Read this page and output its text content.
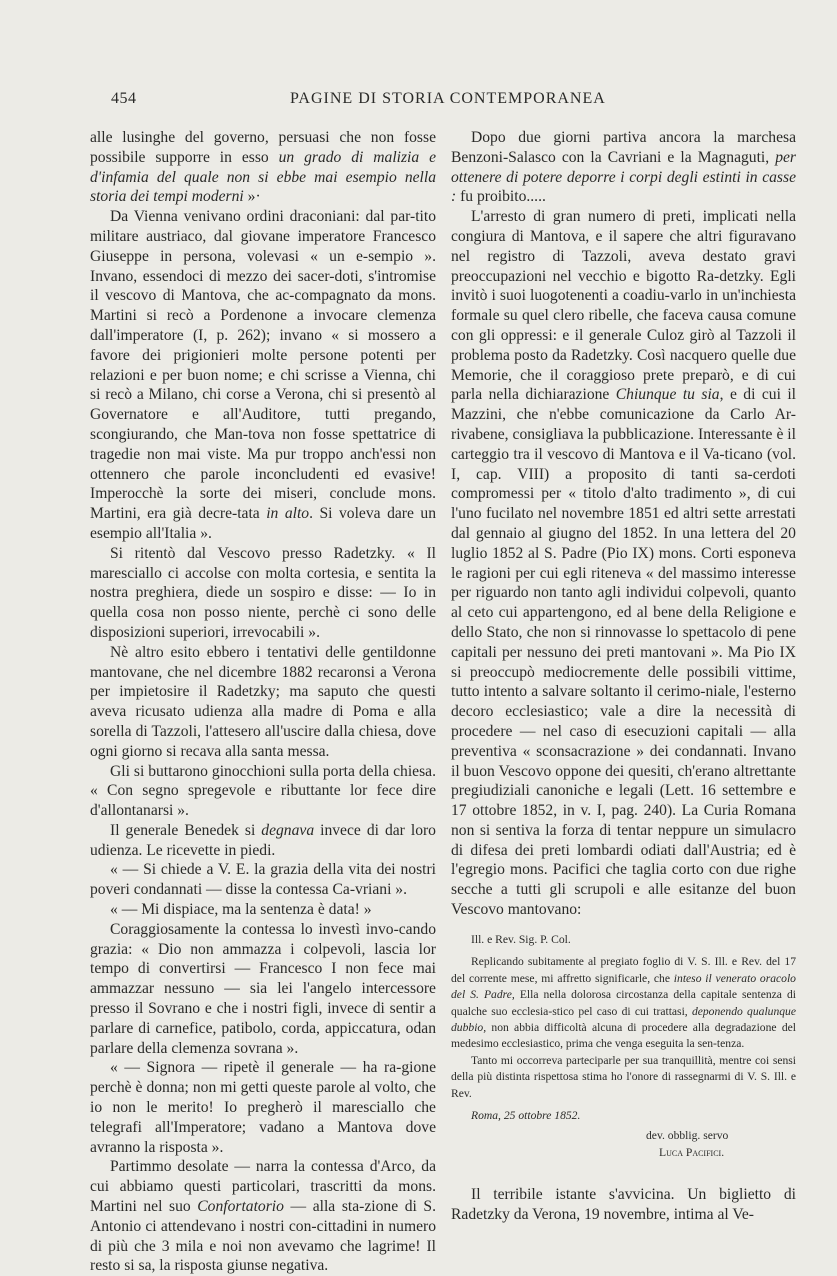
454	PAGINE DI STORIA CONTEMPORANEA

alle lusinghe del governo, persuasi che non fosse possibile supporre in esso un grado di malizia e d'infamia del quale non si ebbe mai esempio nella storia dei tempi moderni »·

Da Vienna venivano ordini draconiani: dal par-tito militare austriaco, dal giovane imperatore Francesco Giuseppe in persona, volevasi « un e-sempio ». Invano, essendoci di mezzo dei sacer-doti, s'intromise il vescovo di Mantova, che ac-compagnato da mons. Martini si recò a Pordenone a invocare clemenza dall'imperatore (I, p. 262); invano « si mossero a favore dei prigionieri molte persone potenti per relazioni e per buon nome; e chi scrisse a Vienna, chi si recò a Milano, chi corse a Verona, chi si presentò al Governatore e all'Auditore, tutti pregando, scongiurando, che Man-tova non fosse spettatrice di tragedie non mai viste. Ma pur troppo anch'essi non ottennero che parole inconcludenti ed evasive! Imperocchè la sorte dei miseri, conclude mons. Martini, era già decre-tata in alto. Si voleva dare un esempio all'Italia ».

Si ritentò dal Vescovo presso Radetzky. « Il maresciallo ci accolse con molta cortesia, e sentita la nostra preghiera, diede un sospiro e disse: — Io in quella cosa non posso niente, perchè ci sono delle disposizioni superiori, irrevocabili ».

Nè altro esito ebbero i tentativi delle gentildonne mantovane, che nel dicembre 1882 recaronsi a Verona per impietosire il Radetzky; ma saputo che questi aveva ricusato udienza alla madre di Poma e alla sorella di Tazzoli, l'attesero all'uscire dalla chiesa, dove ogni giorno si recava alla santa messa.

Gli si buttarono ginocchioni sulla porta della chiesa. « Con segno spregevole e ributtante lor fece dire d'allontanarsi ».

Il generale Benedek si degnava invece di dar loro udienza. Le ricevette in piedi.

« — Si chiede a V. E. la grazia della vita dei nostri poveri condannati — disse la contessa Ca-vriani ».

« — Mi dispiace, ma la sentenza è data! »

Coraggiosamente la contessa lo investì invo-cando grazia: « Dio non ammazza i colpevoli, lascia lor tempo di convertirsi — Francesco I non fece mai ammazzar nessuno — sia lei l'angelo intercessore presso il Sovrano e che i nostri figli, invece di sentir a parlare di carnefice, patibolo, corda, appiccatura, odan parlare della clemenza sovrana ».

« — Signora — ripetè il generale — ha ra-gione perchè è donna; non mi getti queste parole al volto, che io non le merito! Io pregherò il maresciallo che telegrafi all'Imperatore; vadano a Mantova dove avranno la risposta ».

Partimmo desolate — narra la contessa d'Arco, da cui abbiamo questi particolari, trascritti da mons. Martini nel suo Confortatorio — alla sta-zione di S. Antonio ci attendevano i nostri con-cittadini in numero di più che 3 mila e noi non avevamo che lagrime! Il resto si sa, la risposta giunse negativa.

Dopo due giorni partiva ancora la marchesa Benzoni-Salasco con la Cavriani e la Magnaguti, per ottenere di potere deporre i corpi degli estinti in casse : fu proibito.....

L'arresto di gran numero di preti, implicati nella congiura di Mantova, e il sapere che altri figuravano nel registro di Tazzoli, aveva destato gravi preoccupazioni nel vecchio e bigotto Ra-detzky. Egli invitò i suoi luogotenenti a coadiu-varlo in un'inchiesta formale su quel clero ribelle, che faceva causa comune con gli oppressi: e il generale Culoz girò al Tazzoli il problema posto da Radetzky. Così nacquero quelle due Memorie, che il coraggioso prete preparò, e di cui parla nella dichiarazione Chiunque tu sia, e di cui il Mazzini, che n'ebbe comunicazione da Carlo Ar-rivabene, consigliava la pubblicazione. Interessante è il carteggio tra il vescovo di Mantova e il Va-ticano (vol. I, cap. VIII) a proposito di tanti sa-cerdoti compromessi per « titolo d'alto tradimento », di cui l'uno fucilato nel novembre 1851 ed altri sette arrestati dal gennaio al giugno del 1852. In una lettera del 20 luglio 1852 al S. Padre (Pio IX) mons. Corti esponeva le ragioni per cui egli riteneva « del massimo interesse per riguardo non tanto agli individui colpevoli, quanto al ceto cui appartengono, ed al bene della Religione e dello Stato, che non si rinnovasse lo spettacolo di pene capitali per nessuno dei preti mantovani ». Ma Pio IX si preoccupò mediocremente delle possibili vittime, tutto intento a salvare soltanto il cerimo-niale, l'esterno decoro ecclesiastico; vale a dire la necessità di procedere — nel caso di esecuzioni capitali — alla preventiva « sconsacrazione » dei condannati. Invano il buon Vescovo oppone dei quesiti, ch'erano altrettante pregiudiziali canoniche e legali (Lett. 16 settembre e 17 ottobre 1852, in v. I, pag. 240). La Curia Romana non si sentiva la forza di tentar neppure un simulacro di difesa dei preti lombardi odiati dall'Austria; ed è l'egregio mons. Pacifici che taglia corto con due righe secche a tutti gli scrupoli e alle esitanze del buon Vescovo mantovano:

Ill. e Rev. Sig. P. Col.

Replicando subitamente al pregiato foglio di V. S. Ill. e Rev. del 17 del corrente mese, mi affretto significarle, che inteso il venerato oracolo del S. Padre, Ella nella dolorosa circostanza della capitale sentenza di qualche suo ecclesia-stico pel caso di cui trattasi, deponendo qualunque dubbio, non abbia difficoltà alcuna di procedere alla degradazione del medesimo ecclesiastico, prima che venga eseguita la sen-tenza.

Tanto mi occorreva parteciparle per sua tranquillità, mentre coi sensi della più distinta rispettosa stima ho l'onore di rassegnarmi di V. S. Ill. e Rev.

Roma, 25 ottobre 1852.
dev. obblig. servo
Luca Pacifici.

Il terribile istante s'avvicina. Un biglietto di Radetzky da Verona, 19 novembre, intima al Ve-
